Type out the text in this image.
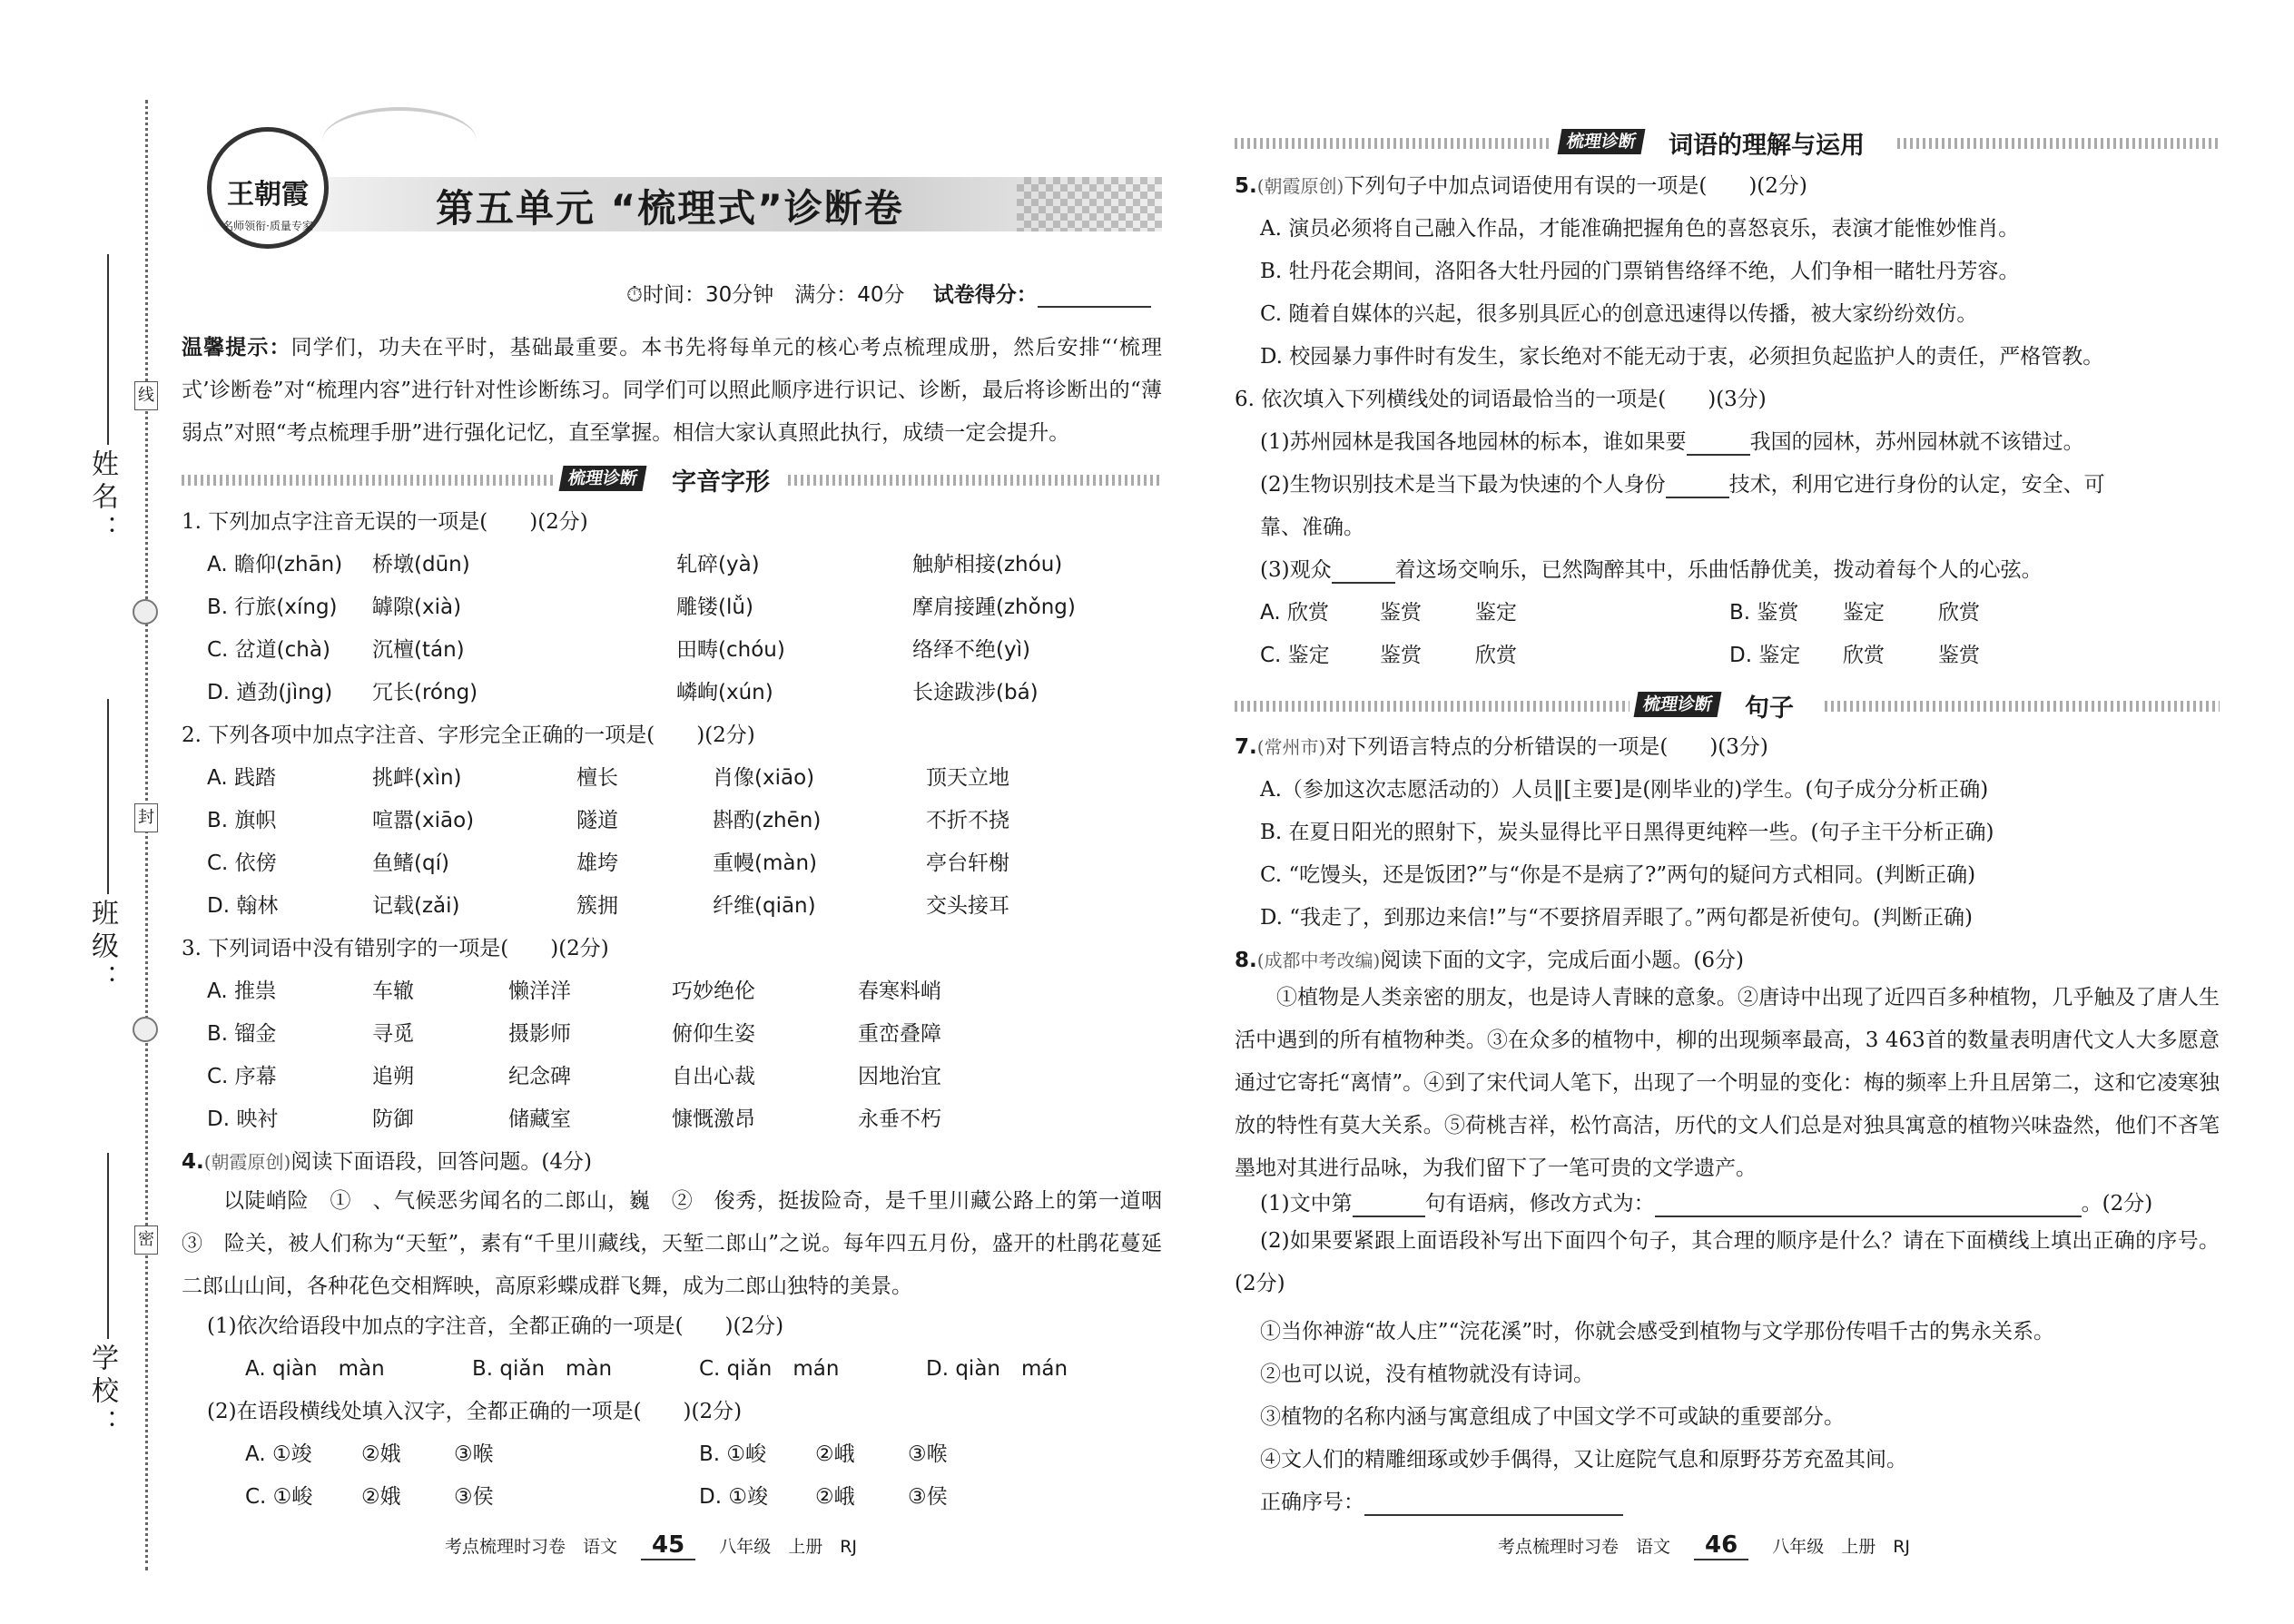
姓名：
班级：
学校：
线
封
密
王朝霞
名师领衔·质量专家	第五单元 “梳理式”诊断卷
⏱时间：30分钟　满分：40分 试卷得分：
温馨提示：同学们，功夫在平时，基础最重要。本书先将每单元的核心考点梳理成册，然后安排“‘梳理式’诊断卷”对“梳理内容”进行针对性诊断练习。同学们可以照此顺序进行识记、诊断，最后将诊断出的“薄弱点”对照“考点梳理手册”进行强化记忆，直至掌握。相信大家认真照此执行，成绩一定会提升。
梳理诊断	字音字形
1. 下列加点字注音无误的一项是(　　)(2分)
A. 瞻仰(zhān) 桥墩(dūn)	轧碎(yà)	触舻相接(zhóu)
B. 行旅(xíng) 罅隙(xià)	雕镂(lǚ)	摩肩接踵(zhǒng)
C. 岔道(chà) 沉檀(tán)	田畴(chóu)	络绎不绝(yì)
D. 遒劲(jìng) 冗长(róng)	嶙峋(xún)	长途跋涉(bá)
2. 下列各项中加点字注音、字形完全正确的一项是(　　)(2分)
A. 践踏	挑衅(xìn)	檀长	肖像(xiāo)	顶天立地
B. 旗帜	喧嚣(xiāo)	隧道	斟酌(zhēn)	不折不挠
C. 依傍	鱼鳍(qí)	雄垮	重幔(màn)	亭台轩榭
D. 翰林	记载(zǎi)	簇拥	纤维(qiān)	交头接耳
3. 下列词语中没有错别字的一项是(　　)(2分)
A. 推祟	车辙	懒洋洋	巧妙绝伦	春寒料峭
B. 镏金	寻觅	摄影师	俯仰生姿	重峦叠障
C. 序幕	追朔	纪念碑	自出心裁	因地治宜
D. 映衬	防御	储藏室	慷慨激昂	永垂不朽
4.(朝霞原创)阅读下面语段，回答问题。(4分)
以陡峭险　①　、气候恶劣闻名的二郎山，巍　②　俊秀，挺拔险奇，是千里川藏公路上的第一道咽　③　险关，被人们称为“天堑”，素有“千里川藏线，天堑二郎山”之说。每年四五月份，盛开的杜鹃花蔓延二郎山山间，各种花色交相辉映，高原彩蝶成群飞舞，成为二郎山独特的美景。
(1)依次给语段中加点的字注音，全都正确的一项是(　　)(2分)
A. qiàn　màn	B. qiǎn　màn	C. qiǎn　mán	D. qiàn　mán
(2)在语段横线处填入汉字，全都正确的一项是(　　)(2分)
A. ①竣 ②娥	③喉	B. ①峻 ②峨	③喉
C. ①峻 ②娥	③侯	D. ①竣 ②峨	③侯
考点梳理时习卷　语文 45 八年级　上册　RJ
梳理诊断	词语的理解与运用
5.(朝霞原创)下列句子中加点词语使用有误的一项是(　　)(2分)
A. 演员必须将自己融入作品，才能准确把握角色的喜怒哀乐，表演才能惟妙惟肖。
B. 牡丹花会期间，洛阳各大牡丹园的门票销售络绎不绝，人们争相一睹牡丹芳容。
C. 随着自媒体的兴起，很多别具匠心的创意迅速得以传播，被大家纷纷效仿。
D. 校园暴力事件时有发生，家长绝对不能无动于衷，必须担负起监护人的责任，严格管教。
6. 依次填入下列横线处的词语最恰当的一项是(　　)(3分)
(1)苏州园林是我国各地园林的标本，谁如果要	我国的园林，苏州园林就不该错过。
(2)生物识别技术是当下最为快速的个人身份	技术，利用它进行身份的认定，安全、可
靠、准确。
(3)观众	着这场交响乐，已然陶醉其中，乐曲恬静优美，拨动着每个人的心弦。
A. 欣赏 鉴赏	鉴定	B. 鉴赏 鉴定	欣赏
C. 鉴定 鉴赏	欣赏	D. 鉴定 欣赏	鉴赏
梳理诊断	句子
7.(常州市)对下列语言特点的分析错误的一项是(　　)(3分)
A.（参加这次志愿活动的）人员‖[主要]是(刚毕业的)学生。(句子成分分析正确)
B. 在夏日阳光的照射下，炭头显得比平日黑得更纯粹一些。(句子主干分析正确)
C. “吃馒头，还是饭团?”与“你是不是病了?”两句的疑问方式相同。(判断正确)
D. “我走了，到那边来信!”与“不要挤眉弄眼了。”两句都是祈使句。(判断正确)
8.(成都中考改编)阅读下面的文字，完成后面小题。(6分)
①植物是人类亲密的朋友，也是诗人青睐的意象。②唐诗中出现了近四百多种植物，几乎触及了唐人生活中遇到的所有植物种类。③在众多的植物中，柳的出现频率最高，3 463首的数量表明唐代文人大多愿意通过它寄托“离情”。④到了宋代词人笔下，出现了一个明显的变化：梅的频率上升且居第二，这和它凌寒独放的特性有莫大关系。⑤荷桃吉祥，松竹高洁，历代的文人们总是对独具寓意的植物兴味盎然，他们不吝笔墨地对其进行品咏，为我们留下了一笔可贵的文学遗产。
(1)文中第	句有语病，修改方式为：	。(2分)
(2)如果要紧跟上面语段补写出下面四个句子，其合理的顺序是什么？请在下面横线上填出正确的序号。(2分)
①当你神游“故人庄”“浣花溪”时，你就会感受到植物与文学那份传唱千古的隽永关系。
②也可以说，没有植物就没有诗词。
③植物的名称内涵与寓意组成了中国文学不可或缺的重要部分。
④文人们的精雕细琢或妙手偶得，又让庭院气息和原野芬芳充盈其间。
正确序号：
考点梳理时习卷　语文 46 八年级　上册　RJ
